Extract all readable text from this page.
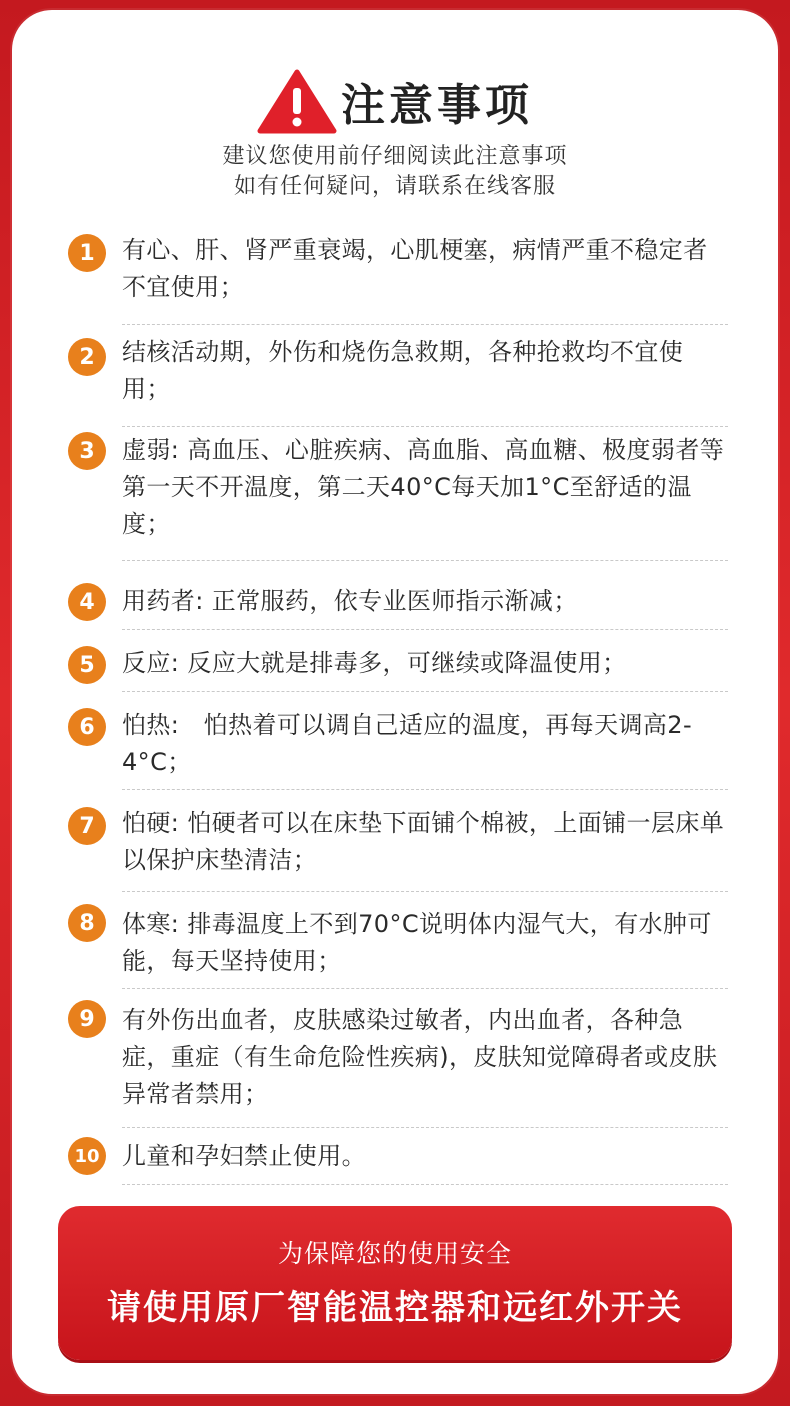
注意事项
建议您使用前仔细阅读此注意事项
如有任何疑问，请联系在线客服
1	有心、肝、肾严重衰竭，心肌梗塞，病情严重不稳定者不宜使用；
2	结核活动期，外伤和烧伤急救期，各种抢救均不宜使用；
3	虚弱: 高血压、心脏疾病、高血脂、高血糖、极度弱者等第一天不开温度，第二天40°C每天加1°C至舒适的温度；
4	用药者: 正常服药，依专业医师指示渐减；
5	反应: 反应大就是排毒多，可继续或降温使用；
6	怕热:　怕热着可以调自己适应的温度，再每天调高2-4°C；
7	怕硬: 怕硬者可以在床垫下面铺个棉被，上面铺一层床单以保护床垫清洁；
8	体寒: 排毒温度上不到70°C说明体内湿气大，有水肿可能，每天坚持使用；
9	有外伤出血者，皮肤感染过敏者，内出血者，各种急症，重症（有生命危险性疾病)，皮肤知觉障碍者或皮肤异常者禁用；
10 儿童和孕妇禁止使用。
为保障您的使用安全
请使用原厂智能温控器和远红外开关
